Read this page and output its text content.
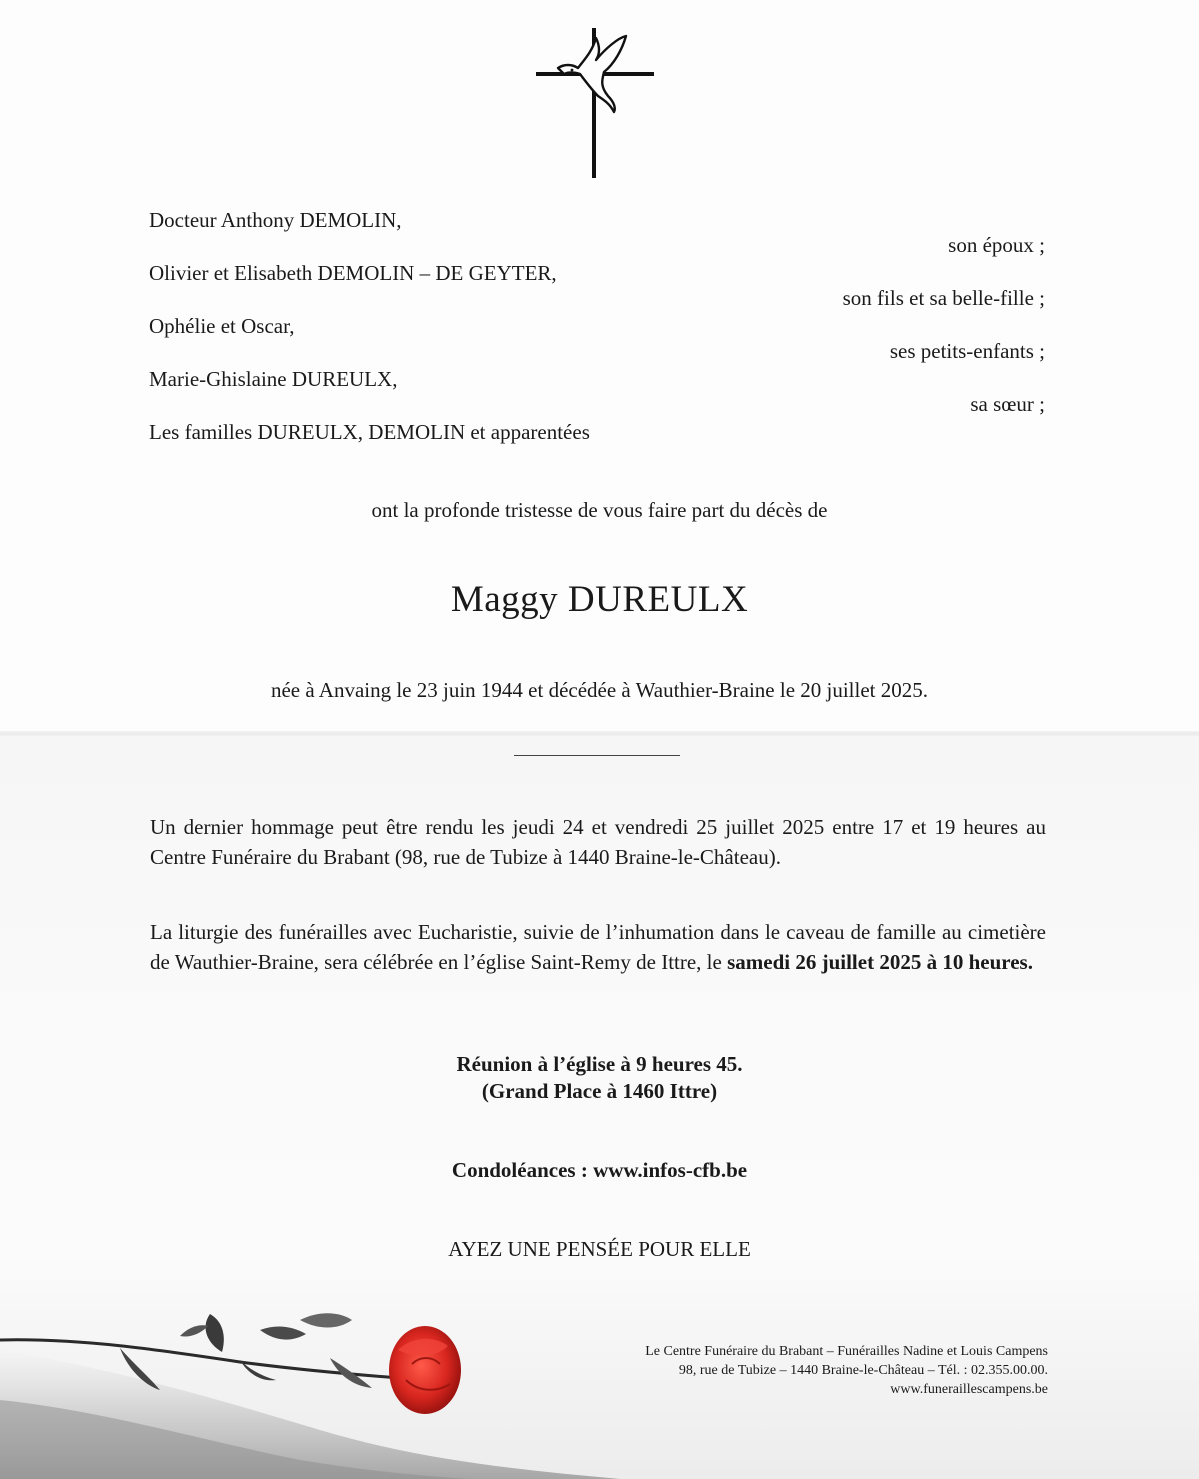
Docteur Anthony DEMOLIN,
son époux ;
Olivier et Elisabeth DEMOLIN – DE GEYTER,
son fils et sa belle-fille ;
Ophélie et Oscar,
ses petits-enfants ;
Marie-Ghislaine DUREULX,
sa sœur ;
Les familles DUREULX, DEMOLIN et apparentées
ont la profonde tristesse de vous faire part du décès de
Maggy DUREULX
née à Anvaing le 23 juin 1944 et décédée à Wauthier-Braine le 20 juillet 2025.
Un dernier hommage peut être rendu les jeudi 24 et vendredi 25 juillet 2025 entre 17 et 19 heures au Centre Funéraire du Brabant (98, rue de Tubize à 1440 Braine-le-Château).
La liturgie des funérailles avec Eucharistie, suivie de l’inhumation dans le caveau de famille au cimetière de Wauthier-Braine, sera célébrée en l’église Saint-Remy de Ittre, le samedi 26 juillet 2025 à 10 heures.
Réunion à l’église à 9 heures 45.
(Grand Place à 1460 Ittre)
Condoléances : www.infos-cfb.be
AYEZ UNE PENSÉE POUR ELLE
Le Centre Funéraire du Brabant – Funérailles Nadine et Louis Campens
98, rue de Tubize – 1440 Braine-le-Château – Tél. : 02.355.00.00.
www.funeraillescampens.be
